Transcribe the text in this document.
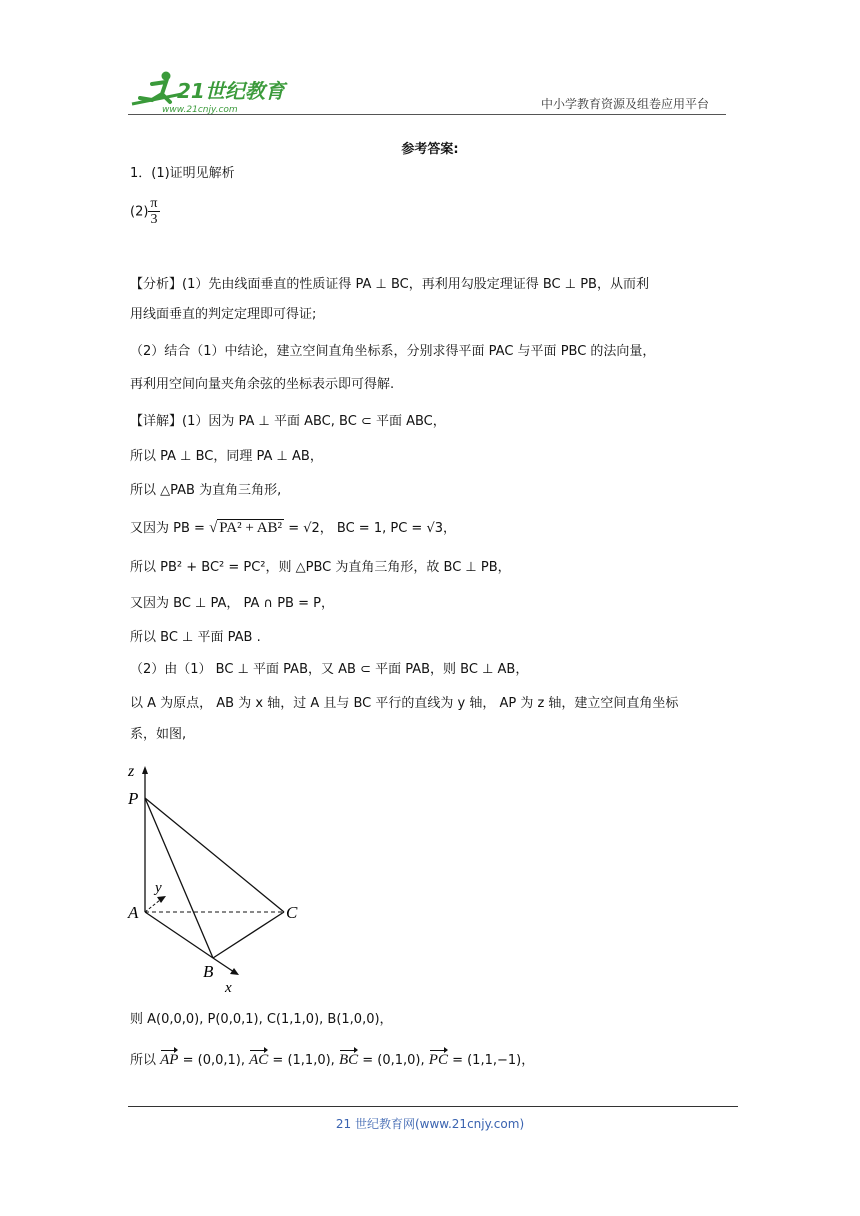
21世纪教育
www.21cnjy.com	中小学教育资源及组卷应用平台
参考答案:
1．(1)证明见解析
$(2) \frac{\pi}{3}$
【分析】(1）先由线面垂直的性质证得 PA ⊥ BC，再利用勾股定理证得 BC ⊥ PB，从而利
用线面垂直的判定定理即可得证;
（2）结合（1）中结论，建立空间直角坐标系，分别求得平面 PAC 与平面 PBC 的法向量，
再利用空间向量夹角余弦的坐标表示即可得解.
【详解】(1）因为 PA ⊥ 平面 ABC, BC ⊂ 平面 ABC，
所以 PA ⊥ BC，同理 PA ⊥ AB，
所以 △PAB 为直角三角形,
又因为 PB = √ PA² + AB² = √2， BC = 1, PC = √3，
所以 PB² + BC² = PC²，则 △PBC 为直角三角形，故 BC ⊥ PB，
又因为 BC ⊥ PA， PA ∩ PB = P，
所以 BC ⊥ 平面 PAB .
（2）由（1） BC ⊥ 平面 PAB，又 AB ⊂ 平面 PAB，则 BC ⊥ AB，
以 A 为原点， AB 为 x 轴，过 A 且与 BC 平行的直线为 y 轴， AP 为 z 轴，建立空间直角坐标
系，如图,
z
P
y
A	C
B
x
则 A(0,0,0), P(0,0,1), C(1,1,0), B(1,0,0)，
所以 AP = (0,0,1), AC = (1,1,0), BC = (0,1,0), PC = (1,1,−1)，
21 世纪教育网(www.21cnjy.com)
